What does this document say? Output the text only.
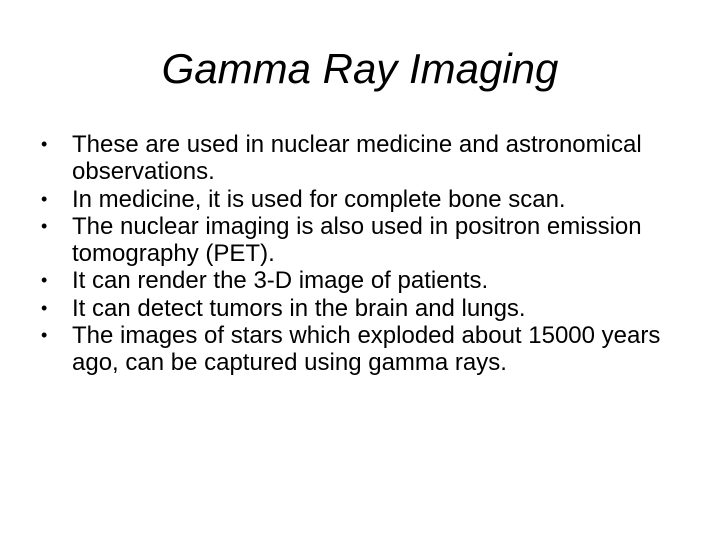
Gamma Ray Imaging
• These are used in nuclear medicine and astronomical observations.
• In medicine, it is used for complete bone scan.
• The nuclear imaging is also used in positron emission tomography (PET).
• It can render the 3-D image of patients.
• It can detect tumors in the brain and lungs.
• The images of stars which exploded about 15000 years ago, can be captured using gamma rays.
